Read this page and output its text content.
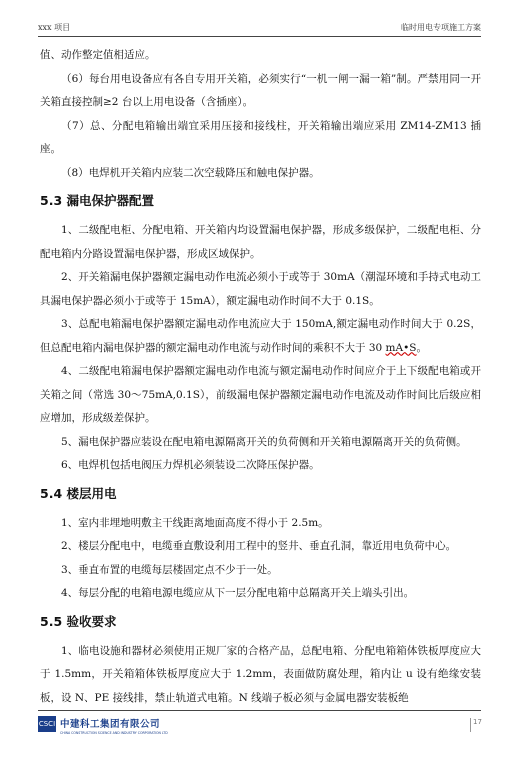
xxx 项目	临时用电专项施工方案

值、动作整定值相适应。

（6）每台用电设备应有各自专用开关箱，必须实行“一机一闸一漏一箱”制。严禁用同一开关箱直接控制≥2 台以上用电设备（含插座）。

（7）总、分配电箱输出端宜采用压接和接线柱，开关箱输出端应采用 ZM14-ZM13 插座。

（8）电焊机开关箱内应装二次空载降压和触电保护器。

5.3 漏电保护器配置

1、二级配电柜、分配电箱、开关箱内均设置漏电保护器，形成多级保护，二级配电柜、分配电箱内分路设置漏电保护器，形成区域保护。

2、开关箱漏电保护器额定漏电动作电流必须小于或等于 30mA（潮湿环境和手持式电动工具漏电保护器必须小于或等于 15mA），额定漏电动作时间不大于 0.1S。

3、总配电箱漏电保护器额定漏电动作电流应大于 150mA,额定漏电动作时间大于 0.2S，但总配电箱内漏电保护器的额定漏电动作电流与动作时间的乘积不大于 30 mA•S。

4、二级配电箱漏电保护器额定漏电动作电流与额定漏电动作时间应介于上下级配电箱或开关箱之间（常选 30～75mA,0.1S），前级漏电保护器额定漏电动作电流及动作时间比后级应相应增加，形成级差保护。

5、漏电保护器应装设在配电箱电源隔离开关的负荷侧和开关箱电源隔离开关的负荷侧。

6、电焊机包括电阀压力焊机必须装设二次降压保护器。

5.4 楼层用电

1、室内非埋地明敷主干线距离地面高度不得小于 2.5m。

2、楼层分配电中，电缆垂直敷设利用工程中的竖井、垂直孔洞，靠近用电负荷中心。

3、垂直布置的电缆每层楼固定点不少于一处。

4、每层分配的电箱电源电缆应从下一层分配电箱中总隔离开关上端头引出。

5.5 验收要求

1、临电设施和器材必须使用正规厂家的合格产品，总配电箱、分配电箱箱体铁板厚度应大于 1.5mm，开关箱箱体铁板厚度应大于 1.2mm，表面做防腐处理，箱内让 u 设有绝缘安装板，设 N、PE 接线排，禁止轨道式电箱。N 线端子板必须与金属电器安装板绝

CSCI 中建科工集团有限公司
CHINA CONSTRUCTION SCIENCE AND INDUSTRY CORPORATION LTD
17
